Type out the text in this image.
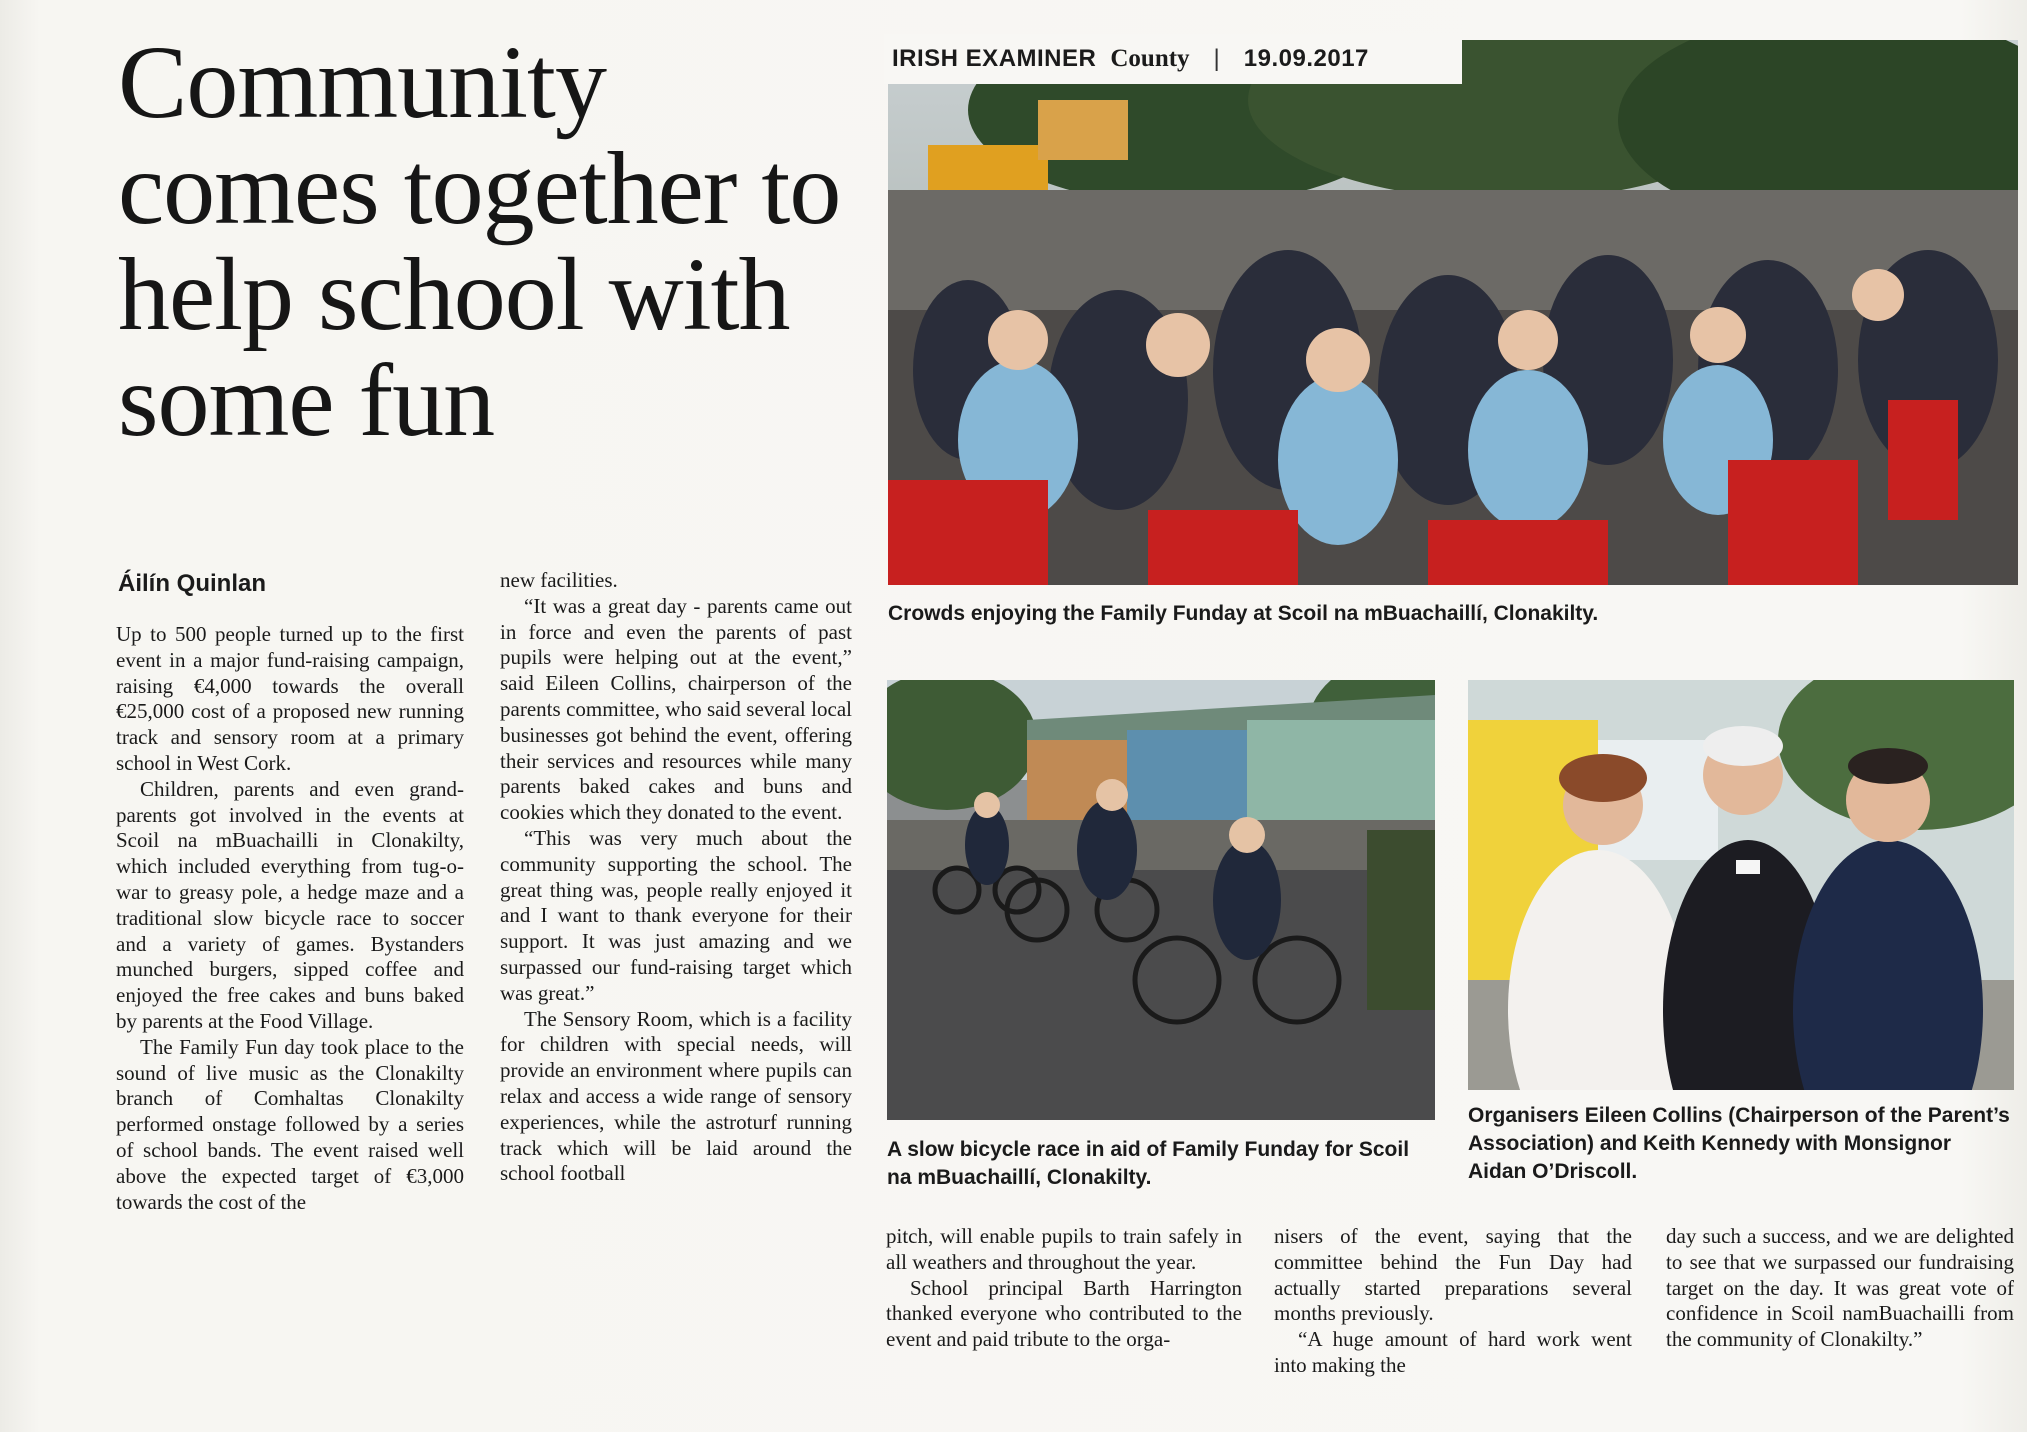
Community comes together to help school with some fun
Áilín Quinlan

Up to 500 people turned up to the first event in a major fund-raising campaign, raising €4,000 towards the overall €25,000 cost of a proposed new running track and sensory room at a primary school in West Cork.

Children, parents and even grand-parents got involved in the events at Scoil na mBuachailli in Clonakilty, which included everything from tug-o-war to greasy pole, a hedge maze and a traditional slow bicycle race to soccer and a variety of games. Bystanders munched burgers, sipped coffee and enjoyed the free cakes and buns baked by parents at the Food Village.

The Family Fun day took place to the sound of live music as the Clonakilty branch of Comhaltas Clonakilty performed onstage followed by a series of school bands. The event raised well above the expected target of €3,000 towards the cost of the

new facilities.

“It was a great day - parents came out in force and even the parents of past pupils were helping out at the event,” said Eileen Collins, chairperson of the parents committee, who said several local businesses got behind the event, offering their services and resources while many parents baked cakes and buns and cookies which they donated to the event.

“This was very much about the community supporting the school. The great thing was, people really enjoyed it and I want to thank everyone for their support. It was just amazing and we surpassed our fund-raising target which was great.”

The Sensory Room, which is a facility for children with special needs, will provide an environment where pupils can relax and access a wide range of sensory experiences, while the astroturf running track which will be laid around the school football

pitch, will enable pupils to train safely in all weathers and throughout the year.

School principal Barth Harrington thanked everyone who contributed to the event and paid tribute to the orga-

nisers of the event, saying that the committee behind the Fun Day had actually started preparations several months previously.

“A huge amount of hard work went into making the

day such a success, and we are delighted to see that we surpassed our fundraising target on the day. It was great vote of confidence in Scoil namBuachailli from the community of Clonakilty.”

Crowds enjoying the Family Funday at Scoil na mBuachaillí, Clonakilty.
A slow bicycle race in aid of Family Funday for Scoil na mBuachaillí, Clonakilty.
Organisers Eileen Collins (Chairperson of the Parent’s Association) and Keith Kennedy with Monsignor Aidan O’Driscoll.
IRISH EXAMINER County	|	19.09.2017
